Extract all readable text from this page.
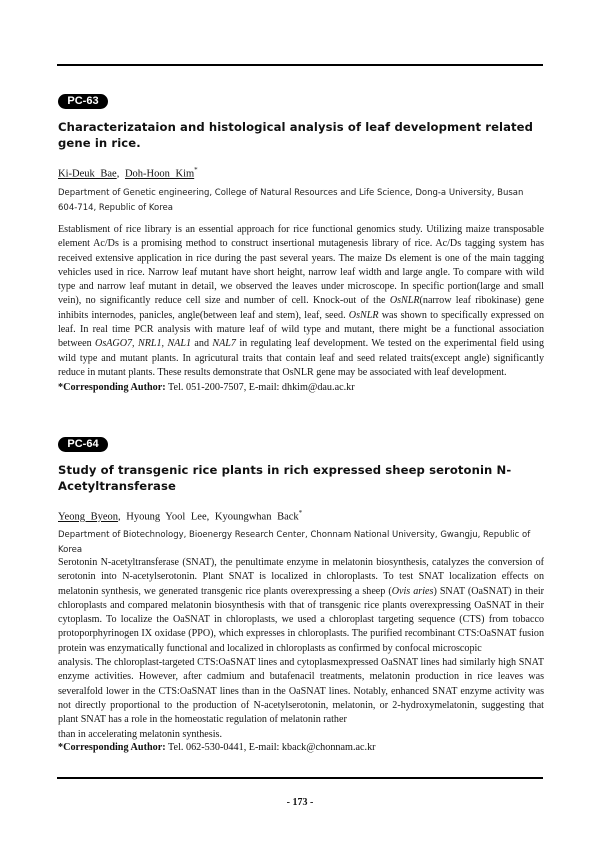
PC-63
Characterizataion and histological analysis of leaf development related gene in rice.
Ki-Deuk Bae, Doh-Hoon Kim*
Department of Genetic engineering, College of Natural Resources and Life Science, Dong-a University, Busan 604-714, Republic of Korea
Establisment of rice library is an essential approach for rice functional genomics study. Utilizing maize transposable element Ac/Ds is a promising method to construct insertional mutagenesis library of rice. Ac/Ds tagging system has received extensive application in rice during the past several years. The maize Ds element is one of the main tagging vehicles used in rice. Narrow leaf mutant have short height, narrow leaf width and large angle. To compare with wild type and narrow leaf mutant in detail, we observed the leaves under microscope. In specific portion(large and small vein), no significantly reduce cell size and number of cell. Knock-out of the OsNLR(narrow leaf ribokinase) gene inhibits internodes, panicles, angle(between leaf and stem), leaf, seed. OsNLR was shown to specifically expressed on leaf. In real time PCR analysis with mature leaf of wild type and mutant, there might be a functional association between OsAGO7, NRL1, NAL1 and NAL7 in regulating leaf development. We tested on the experimental field using wild type and mutant plants. In agricutural traits that contain leaf and seed related traits(except angle) significantly reduce in mutant plants. These results demonstrate that OsNLR gene may be associated with leaf development.
*Corresponding Author: Tel. 051-200-7507, E-mail: dhkim@dau.ac.kr
PC-64
Study of transgenic rice plants in rich expressed sheep serotonin N-Acetyltransferase
Yeong Byeon, Hyoung Yool Lee, Kyoungwhan Back*
Department of Biotechnology, Bioenergy Research Center, Chonnam National University, Gwangju, Republic of Korea
Serotonin N-acetyltransferase (SNAT), the penultimate enzyme in melatonin biosynthesis, catalyzes the conversion of serotonin into N-acetylserotonin. Plant SNAT is localized in chloroplasts. To test SNAT localization effects on melatonin synthesis, we generated transgenic rice plants overexpressing a sheep (Ovis aries) SNAT (OaSNAT) in their chloroplasts and compared melatonin biosynthesis with that of transgenic rice plants overexpressing OaSNAT in their cytoplasm. To localize the OaSNAT in chloroplasts, we used a chloroplast targeting sequence (CTS) from tobacco protoporphyrinogen IX oxidase (PPO), which expresses in chloroplasts. The purified recombinant CTS:OaSNAT fusion protein was enzymatically functional and localized in chloroplasts as confirmed by confocal microscopic
analysis. The chloroplast-targeted CTS:OaSNAT lines and cytoplasmexpressed OaSNAT lines had similarly high SNAT enzyme activities. However, after cadmium and butafenacil treatments, melatonin production in rice leaves was severalfold lower in the CTS:OaSNAT lines than in the OaSNAT lines. Notably, enhanced SNAT enzyme activity was not directly proportional to the production of N-acetylserotonin, melatonin, or 2-hydroxymelatonin, suggesting that plant SNAT has a role in the homeostatic regulation of melatonin rather
than in accelerating melatonin synthesis.
*Corresponding Author: Tel. 062-530-0441, E-mail: kback@chonnam.ac.kr
- 173 -
